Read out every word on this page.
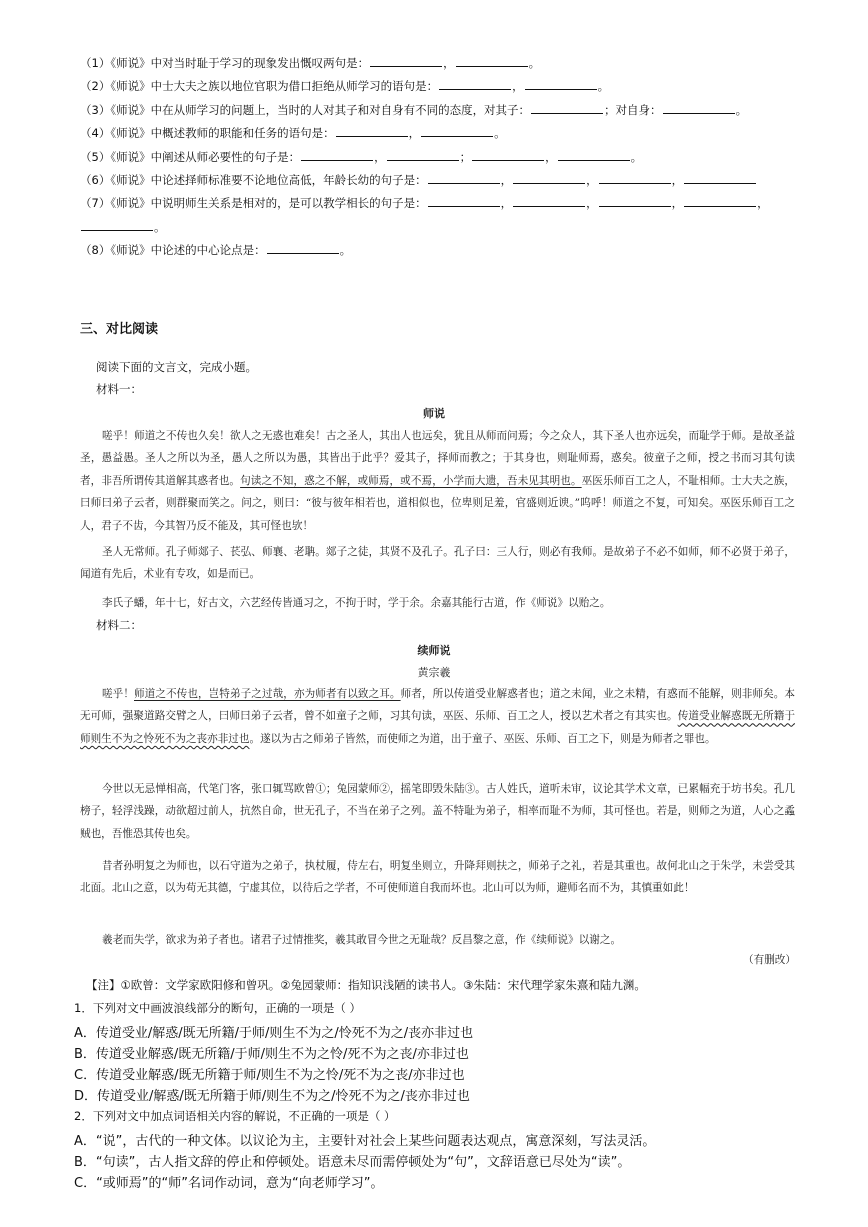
（1）《师说》中对当时耻于学习的现象发出慨叹两句是：	，	。
（2）《师说》中士大夫之族以地位官职为借口拒绝从师学习的语句是：	，	。
（3）《师说》中在从师学习的问题上，当时的人对其子和对自身有不同的态度，对其子：	；对自身：	。
（4）《师说》中概述教师的职能和任务的语句是：	，	。
（5）《师说》中阐述从师必要性的句子是：	，	；	，	。
（6）《师说》中论述择师标准要不论地位高低，年龄长幼的句子是：	，	，	，
（7）《师说》中说明师生关系是相对的，是可以教学相长的句子是：	，	，	，	，
。
（8）《师说》中论述的中心论点是：	。
三、对比阅读
阅读下面的文言文，完成小题。
材料一：
师说
嗟乎！师道之不传也久矣！欲人之无惑也难矣！古之圣人，其出人也远矣，犹且从师而问焉；今之众人，其下圣人也亦远矣，而耻学于师。是故圣益圣，愚益愚。圣人之所以为圣，愚人之所以为愚，其皆出于此乎？爱其子，择师而教之；于其身也，则耻师焉，惑矣。彼童子之师，授之书而习其句读者，非吾所谓传其道解其惑者也。句读之不知，惑之不解，或师焉，或不焉，小学而大遗，吾未见其明也。巫医乐师百工之人，不耻相师。士大夫之族，曰师曰弟子云者，则群聚而笑之。问之，则曰：“彼与彼年相若也，道相似也，位卑则足羞，官盛则近谀。”呜呼！师道之不复，可知矣。巫医乐师百工之人，君子不齿，今其智乃反不能及，其可怪也欤！
圣人无常师。孔子师郯子、苌弘、师襄、老聃。郯子之徒，其贤不及孔子。孔子曰：三人行，则必有我师。是故弟子不必不如师，师不必贤于弟子，闻道有先后，术业有专攻，如是而已。
李氏子蟠，年十七，好古文，六艺经传皆通习之，不拘于时，学于余。余嘉其能行古道，作《师说》以贻之。
材料二：
续师说
黄宗羲
嗟乎！师道之不传也，岂特弟子之过哉，亦为师者有以致之耳。师者，所以传道受业解惑者也；道之未闻，业之未精，有惑而不能解，则非师矣。本无可师，强聚道路交臂之人，曰师曰弟子云者，曾不如童子之师，习其句读，巫医、乐师、百工之人，授以艺术者之有其实也。传道受业解惑既无所籍于师则生不为之怜死不为之丧亦非过也。遂以为古之师弟子皆然，而使师之为道，出于童子、巫医、乐师、百工之下，则是为师者之罪也。
今世以无忌惮相高，代笔门客，张口辄骂欧曾①；兔园蒙师②，摇笔即毁朱陆③。古人姓氏，道听未审，议论其学术文章，已累幅充于坊书矣。孔几榜子，轻浮浅躁，动欲超过前人，抗然自命，世无孔子，不当在弟子之列。盖不特耻为弟子，相率而耻不为师，其可怪也。若是，则师之为道，人心之蟊贼也，吾惟恐其传也矣。
昔者孙明复之为师也，以石守道为之弟子，执杖履，侍左右，明复坐则立，升降拜则扶之，师弟子之礼，若是其重也。故何北山之于朱学，未尝受其北面。北山之意，以为苟无其德，宁虚其位，以待后之学者，不可使师道自我而坏也。北山可以为师，避师名而不为，其慎重如此！
羲老而失学，欲求为弟子者也。诸君子过情推奖，羲其敢冒今世之无耻哉？反昌黎之意，作《续师说》以谢之。
（有删改）
【注】①欧曾：文学家欧阳修和曾巩。②兔园蒙师：指知识浅陋的读书人。③朱陆：宋代理学家朱熹和陆九渊。
1．下列对文中画波浪线部分的断句，正确的一项是（ ）
A．传道受业/解惑/既无所籍/于师/则生不为之/怜死不为之/丧亦非过也
B．传道受业解惑/既无所籍/于师/则生不为之怜/死不为之丧/亦非过也
C．传道受业解惑/既无所籍于师/则生不为之怜/死不为之丧/亦非过也
D．传道受业/解惑/既无所籍于师/则生不为之/怜死不为之/丧亦非过也
2．下列对文中加点词语相关内容的解说，不正确的一项是（ ）
A．“说”，古代的一种文体。以议论为主，主要针对社会上某些问题表达观点，寓意深刻，写法灵活。
B．“句读”，古人指文辞的停止和停顿处。语意未尽而需停顿处为“句”，文辞语意已尽处为“读”。
C．“或师焉”的“师”名词作动词，意为“向老师学习”。
